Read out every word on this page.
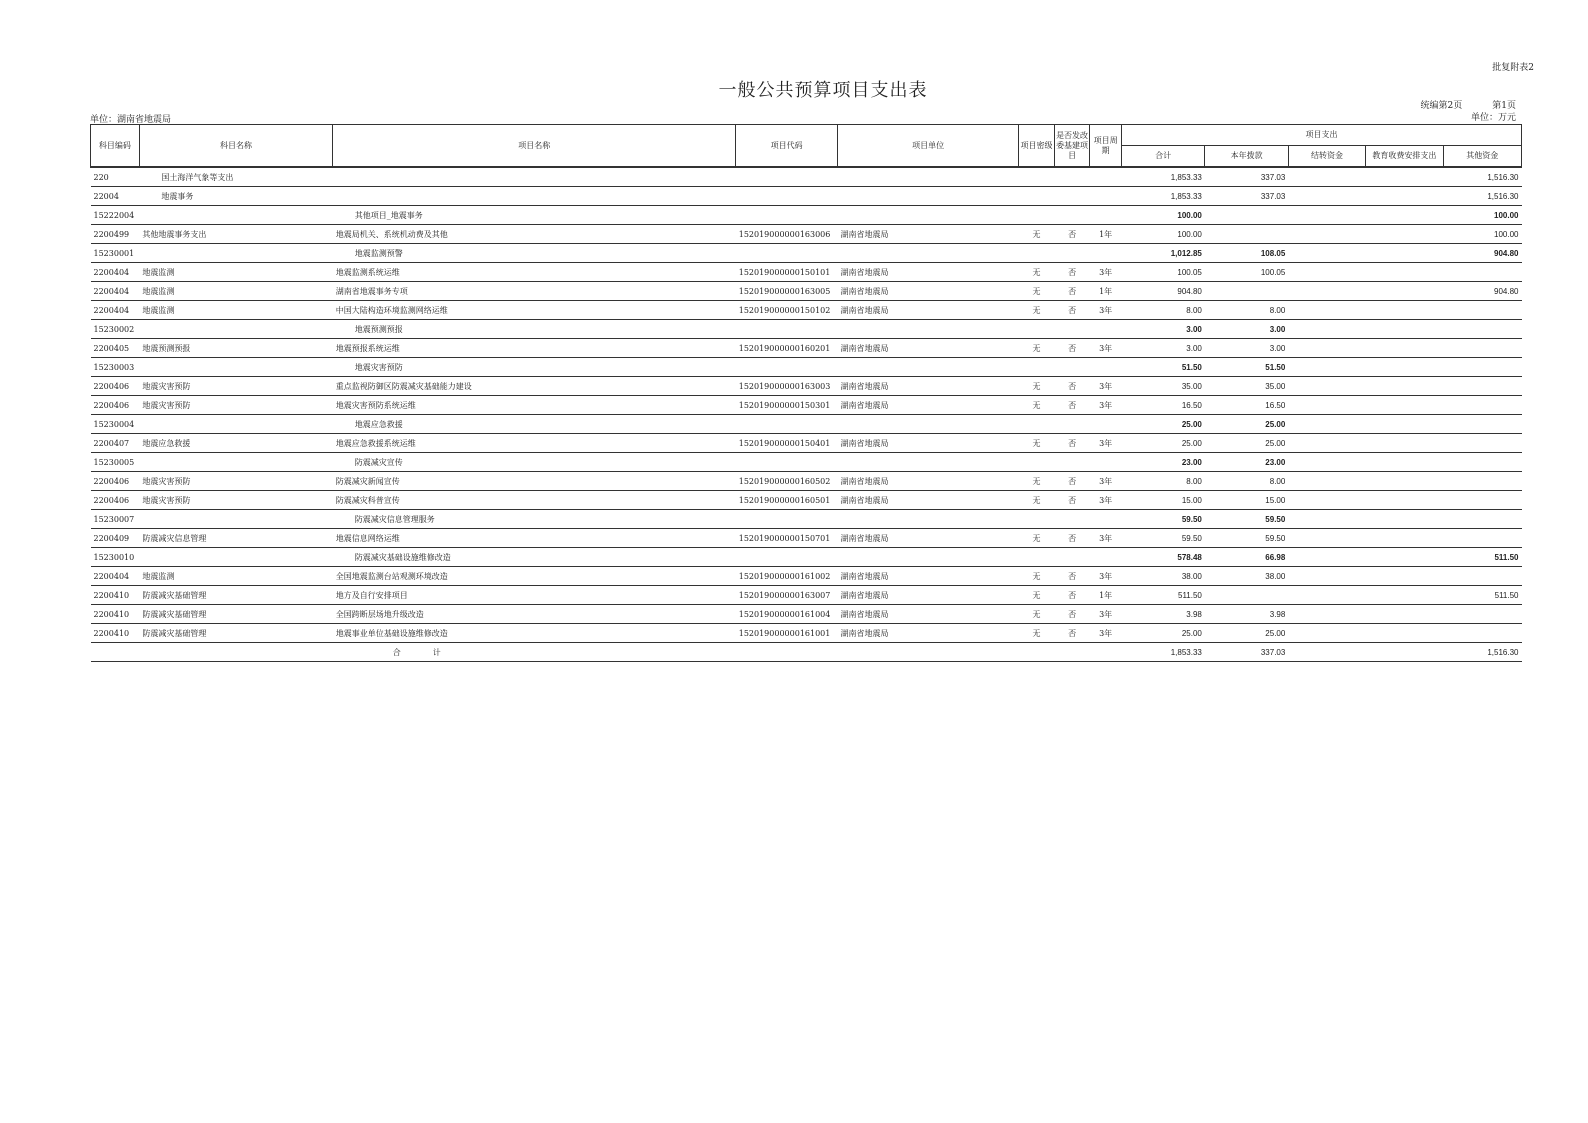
批复附表2
一般公共预算项目支出表
统编第2页	第1页
单位：万元
单位：湖南省地震局
科目编码	科目名称	项目名称	项目代码	项目单位	项目密级	是否发改委基建项目	项目周期	项目支出				
								合计	本年拨款	结转资金	教育收费安排支出	其他资金
220	国土海洋气象等支出							1,853.33	337.03			1,516.30
22004	地震事务							1,853.33	337.03			1,516.30
15222004		其他项目_地震事务						100.00				100.00
2200499	其他地震事务支出	地震局机关、系统机动费及其他	152019000000163006	湖南省地震局	无	否	1年	100.00				100.00
15230001		地震监测预警						1,012.85	108.05			904.80
2200404	地震监测	地震监测系统运维	152019000000150101	湖南省地震局	无	否	3年	100.05	100.05			
2200404	地震监测	湖南省地震事务专项	152019000000163005	湖南省地震局	无	否	1年	904.80				904.80
2200404	地震监测	中国大陆构造环境监测网络运维	152019000000150102	湖南省地震局	无	否	3年	8.00	8.00			
15230002		地震预测预报						3.00	3.00			
2200405	地震预测预报	地震预报系统运维	152019000000160201	湖南省地震局	无	否	3年	3.00	3.00			
15230003		地震灾害预防						51.50	51.50			
2200406	地震灾害预防	重点监视防御区防震减灾基础能力建设	152019000000163003	湖南省地震局	无	否	3年	35.00	35.00			
2200406	地震灾害预防	地震灾害预防系统运维	152019000000150301	湖南省地震局	无	否	3年	16.50	16.50			
15230004		地震应急救援						25.00	25.00			
2200407	地震应急救援	地震应急救援系统运维	152019000000150401	湖南省地震局	无	否	3年	25.00	25.00			
15230005		防震减灾宣传						23.00	23.00			
2200406	地震灾害预防	防震减灾新闻宣传	152019000000160502	湖南省地震局	无	否	3年	8.00	8.00			
2200406	地震灾害预防	防震减灾科普宣传	152019000000160501	湖南省地震局	无	否	3年	15.00	15.00			
15230007		防震减灾信息管理服务						59.50	59.50			
2200409	防震减灾信息管理	地震信息网络运维	152019000000150701	湖南省地震局	无	否	3年	59.50	59.50			
15230010		防震减灾基础设施维修改造						578.48	66.98			511.50
2200404	地震监测	全国地震监测台站观测环境改造	152019000000161002	湖南省地震局	无	否	3年	38.00	38.00			
2200410	防震减灾基础管理	地方及自行安排项目	152019000000163007	湖南省地震局	无	否	1年	511.50				511.50
2200410	防震减灾基础管理	全国跨断层场地升级改造	152019000000161004	湖南省地震局	无	否	3年	3.98	3.98			
2200410	防震减灾基础管理	地震事业单位基础设施维修改造	152019000000161001	湖南省地震局	无	否	3年	25.00	25.00			
		合　　　计						1,853.33	337.03			1,516.30
